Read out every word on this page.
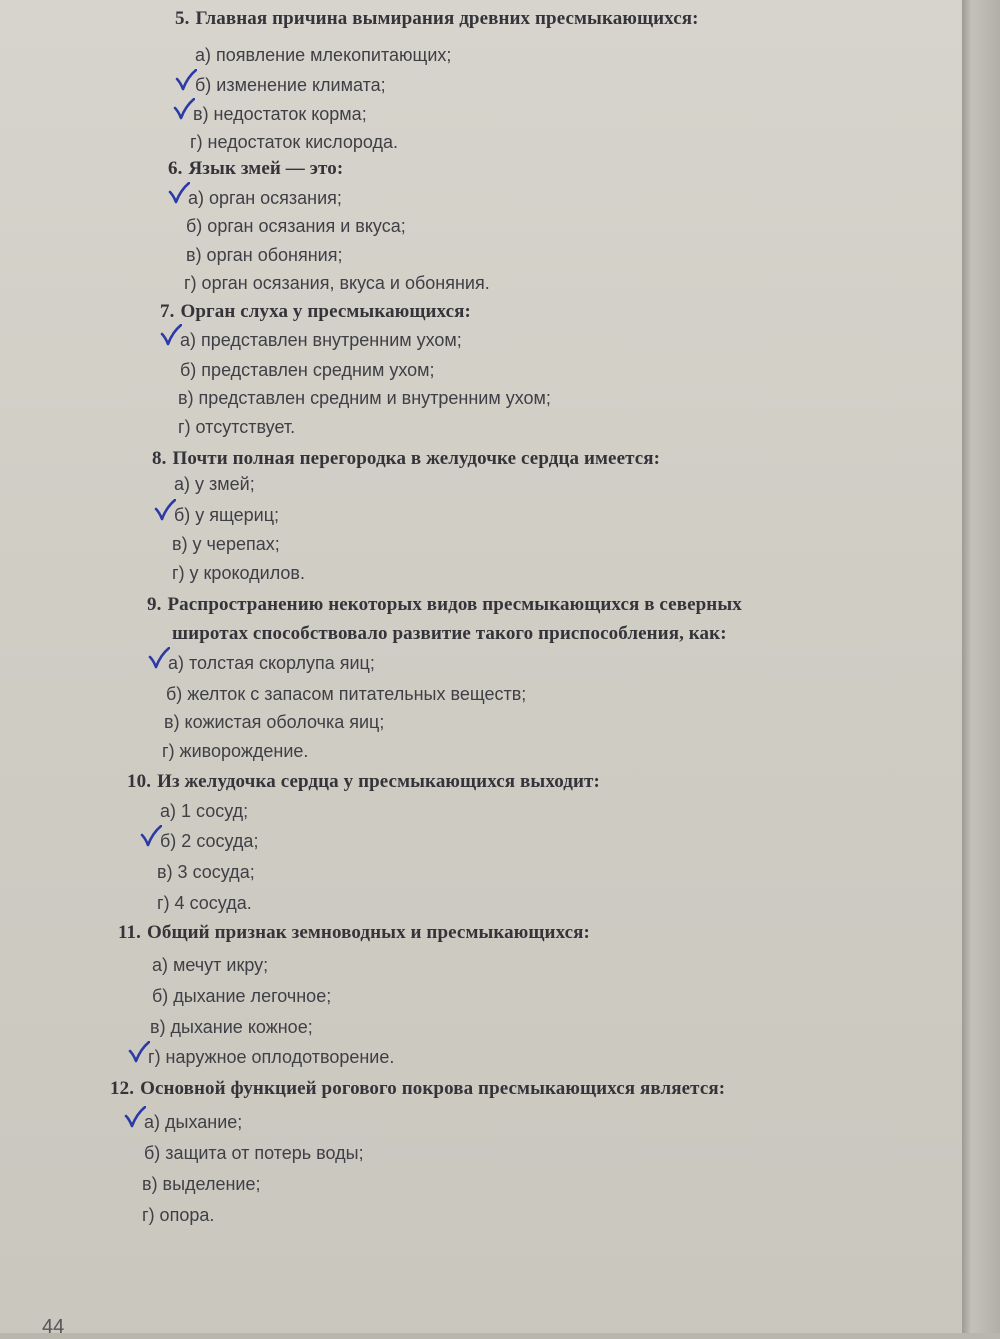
5. Главная причина вымирания древних пресмыкающихся:
а) появление млекопитающих;
б) изменение климата;
в) недостаток корма;
г) недостаток кислорода.
6. Язык змей — это:
а) орган осязания;
б) орган осязания и вкуса;
в) орган обоняния;
г) орган осязания, вкуса и обоняния.
7. Орган слуха у пресмыкающихся:
а) представлен внутренним ухом;
б) представлен средним ухом;
в) представлен средним и внутренним ухом;
г) отсутствует.
8. Почти полная перегородка в желудочке сердца имеется:
а) у змей;
б) у ящериц;
в) у черепах;
г) у крокодилов.
9. Распространению некоторых видов пресмыкающихся в северных
широтах способствовало развитие такого приспособления, как:
а) толстая скорлупа яиц;
б) желток с запасом питательных веществ;
в) кожистая оболочка яиц;
г) живорождение.
10. Из желудочка сердца у пресмыкающихся выходит:
а) 1 сосуд;
б) 2 сосуда;
в) 3 сосуда;
г) 4 сосуда.
11. Общий признак земноводных и пресмыкающихся:
а) мечут икру;
б) дыхание легочное;
в) дыхание кожное;
г) наружное оплодотворение.
12. Основной функцией рогового покрова пресмыкающихся является:
а) дыхание;
б) защита от потерь воды;
в) выделение;
г) опора.
44
